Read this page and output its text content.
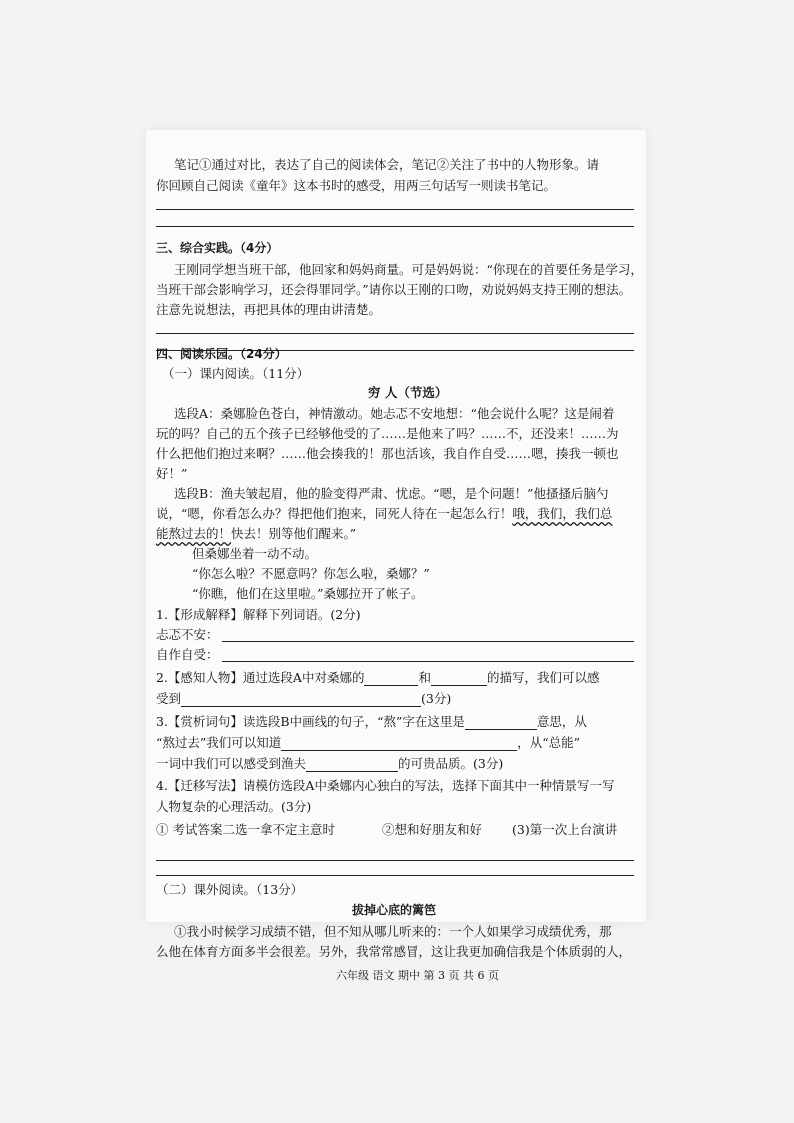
笔记①通过对比，表达了自己的阅读体会，笔记②关注了书中的人物形象。请
你回顾自己阅读《童年》这本书时的感受，用两三句话写一则读书笔记。
三、综合实践。（4分）
王刚同学想当班干部，他回家和妈妈商量。可是妈妈说：“你现在的首要任务是学习，
当班干部会影响学习，还会得罪同学。”请你以王刚的口吻，劝说妈妈支持王刚的想法。
注意先说想法，再把具体的理由讲清楚。
四、阅读乐园。（24分）
（一）课内阅读。（11分）
穷 人（节选）
选段A：桑娜脸色苍白，神情激动。她忐忑不安地想：“他会说什么呢？这是闹着
玩的吗？自己的五个孩子已经够他受的了……是他来了吗？……不，还没来！……为
什么把他们抱过来啊？……他会揍我的！那也活该，我自作自受……嗯，揍我一顿也
好！”
选段B：渔夫皱起眉，他的脸变得严肃、忧虑。“嗯，是个问题！”他搔搔后脑勺
说，“嗯，你看怎么办？得把他们抱来，同死人待在一起怎么行！哦，我们，我们总
能熬过去的！快去！别等他们醒来。”
但桑娜坐着一动不动。
“你怎么啦？不愿意吗？你怎么啦，桑娜？”
“你瞧，他们在这里啦。”桑娜拉开了帐子。
1.【形成解释】解释下列词语。(2分)
忐忑不安：
自作自受：
2.【感知人物】通过选段A中对桑娜的	和	的描写，我们可以感
受到	(3分)
3.【赏析词句】读选段B中画线的句子，“熬”字在这里是	意思，从
“熬过去”我们可以知道	，从“总能”
一词中我们可以感受到渔夫	的可贵品质。(3分)
4.【迁移写法】请模仿选段A中桑娜内心独白的写法，选择下面其中一种情景写一写
人物复杂的心理活动。(3分)
① 考试答案二选一拿不定主意时	②想和好朋友和好 (3)第一次上台演讲
（二）课外阅读。（13分）
拔掉心底的篱笆
①我小时候学习成绩不错，但不知从哪儿听来的：一个人如果学习成绩优秀，那
么他在体育方面多半会很差。另外，我常常感冒，这让我更加确信我是个体质弱的人，
六年级 语文 期中 第 3 页 共 6 页
